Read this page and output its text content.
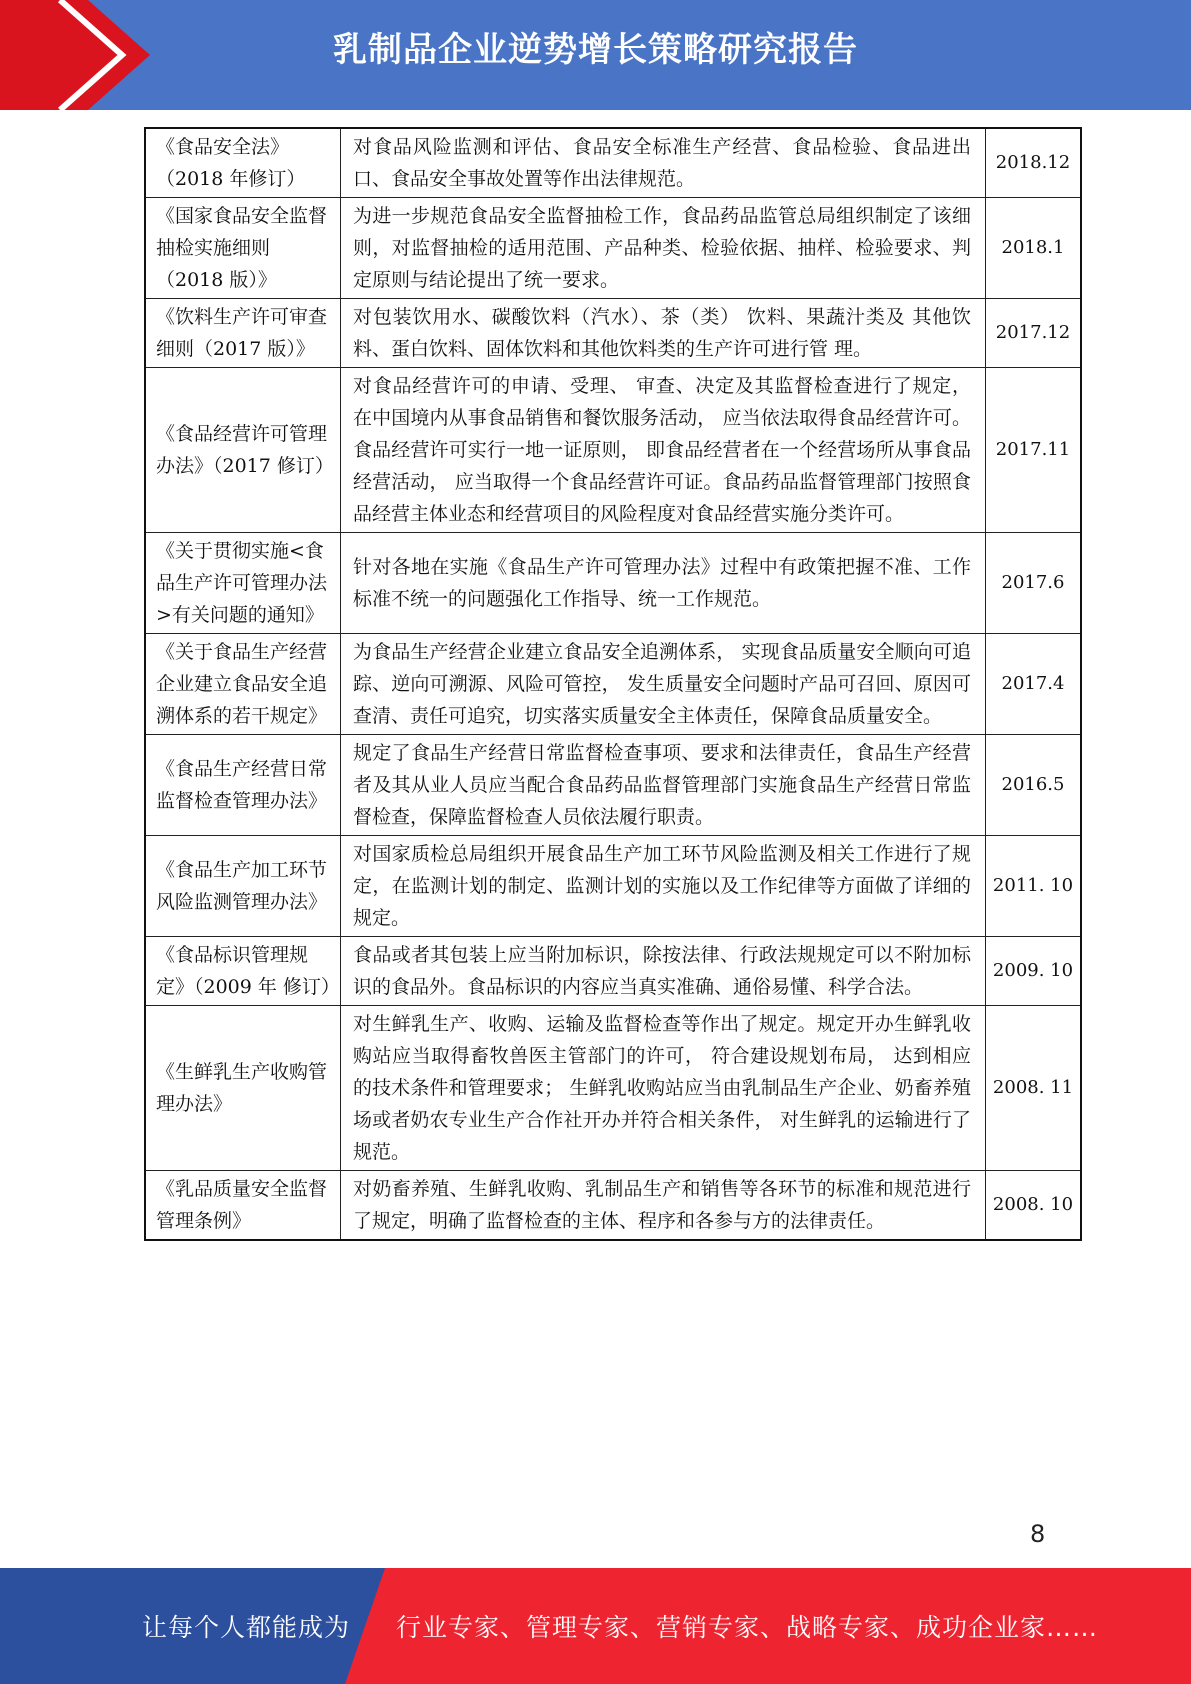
乳制品企业逆势增长策略研究报告
《食品安全法》（2018 年修订）	对食品风险监测和评估、食品安全标准生产经营、食品检验、食品进出口、食品安全事故处置等作出法律规范。	2018.12
《国家食品安全监督抽检实施细则（2018 版）》	为进一步规范食品安全监督抽检工作，食品药品监管总局组织制定了该细则，对监督抽检的适用范围、产品种类、检验依据、抽样、检验要求、判定原则与结论提出了统一要求。	2018.1
《饮料生产许可审查细则（2017 版）》	对包装饮用水、碳酸饮料（汽水）、茶（类） 饮料、果蔬汁类及 其他饮料、蛋白饮料、固体饮料和其他饮料类的生产许可进行管 理。	2017.12
《食品经营许可管理办法》（2017 修订）	对食品经营许可的申请、受理、 审查、决定及其监督检查进行了规定， 在中国境内从事食品销售和餐饮服务活动， 应当依法取得食品经营许可。食品经营许可实行一地一证原则， 即食品经营者在一个经营场所从事食品经营活动， 应当取得一个食品经营许可证。食品药品监督管理部门按照食品经营主体业态和经营项目的风险程度对食品经营实施分类许可。	2017.11
《关于贯彻实施<食品生产许可管理办法>有关问题的通知》	针对各地在实施《食品生产许可管理办法》过程中有政策把握不准、工作标准不统一的问题强化工作指导、统一工作规范。	2017.6
《关于食品生产经营企业建立食品安全追溯体系的若干规定》	为食品生产经营企业建立食品安全追溯体系， 实现食品质量安全顺向可追踪、逆向可溯源、风险可管控， 发生质量安全问题时产品可召回、原因可查清、责任可追究，切实落实质量安全主体责任，保障食品质量安全。	2017.4
《食品生产经营日常监督检查管理办法》	规定了食品生产经营日常监督检查事项、要求和法律责任，食品生产经营者及其从业人员应当配合食品药品监督管理部门实施食品生产经营日常监督检查，保障监督检查人员依法履行职责。	2016.5
《食品生产加工环节风险监测管理办法》	对国家质检总局组织开展食品生产加工环节风险监测及相关工作进行了规定，在监测计划的制定、监测计划的实施以及工作纪律等方面做了详细的规定。	2011. 10
《食品标识管理规定》（2009 年 修订）	食品或者其包装上应当附加标识，除按法律、行政法规规定可以不附加标识的食品外。食品标识的内容应当真实准确、通俗易懂、科学合法。	2009. 10
《生鲜乳生产收购管理办法》	对生鲜乳生产、收购、运输及监督检查等作出了规定。规定开办生鲜乳收购站应当取得畜牧兽医主管部门的许可， 符合建设规划布局， 达到相应的技术条件和管理要求； 生鲜乳收购站应当由乳制品生产企业、奶畜养殖场或者奶农专业生产合作社开办并符合相关条件， 对生鲜乳的运输进行了规范。	2008. 11
《乳品质量安全监督管理条例》	对奶畜养殖、生鲜乳收购、乳制品生产和销售等各环节的标准和规范进行了规定，明确了监督检查的主体、程序和各参与方的法律责任。	2008. 10
8
让每个人都能成为 行业专家、管理专家、营销专家、战略专家、成功企业家……
